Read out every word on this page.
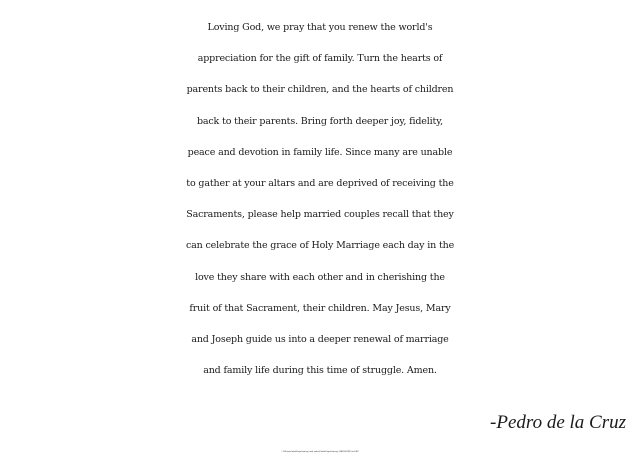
Loving God, we pray that you renew the world's
appreciation for the gift of family. Turn the hearts of
parents back to their children, and the hearts of children
back to their parents. Bring forth deeper joy, fidelity,
peace and devotion in family life. Since many are unable
to gather at your altars and are deprived of receiving the
Sacraments, please help married couples recall that they
can celebrate the grace of Holy Marriage each day in the
love they share with each other and in cherishing the
fruit of that Sacrament, their children. May Jesus, Mary
and Joseph guide us into a deeper renewal of marriage
and family life during this time of struggle. Amen.
-Pedro de la Cruz
© 2020 www.CatholicPrayerCards.org | email: orders@CatholicPrayerCards.org | 1-888-244-2788 | Card #802
